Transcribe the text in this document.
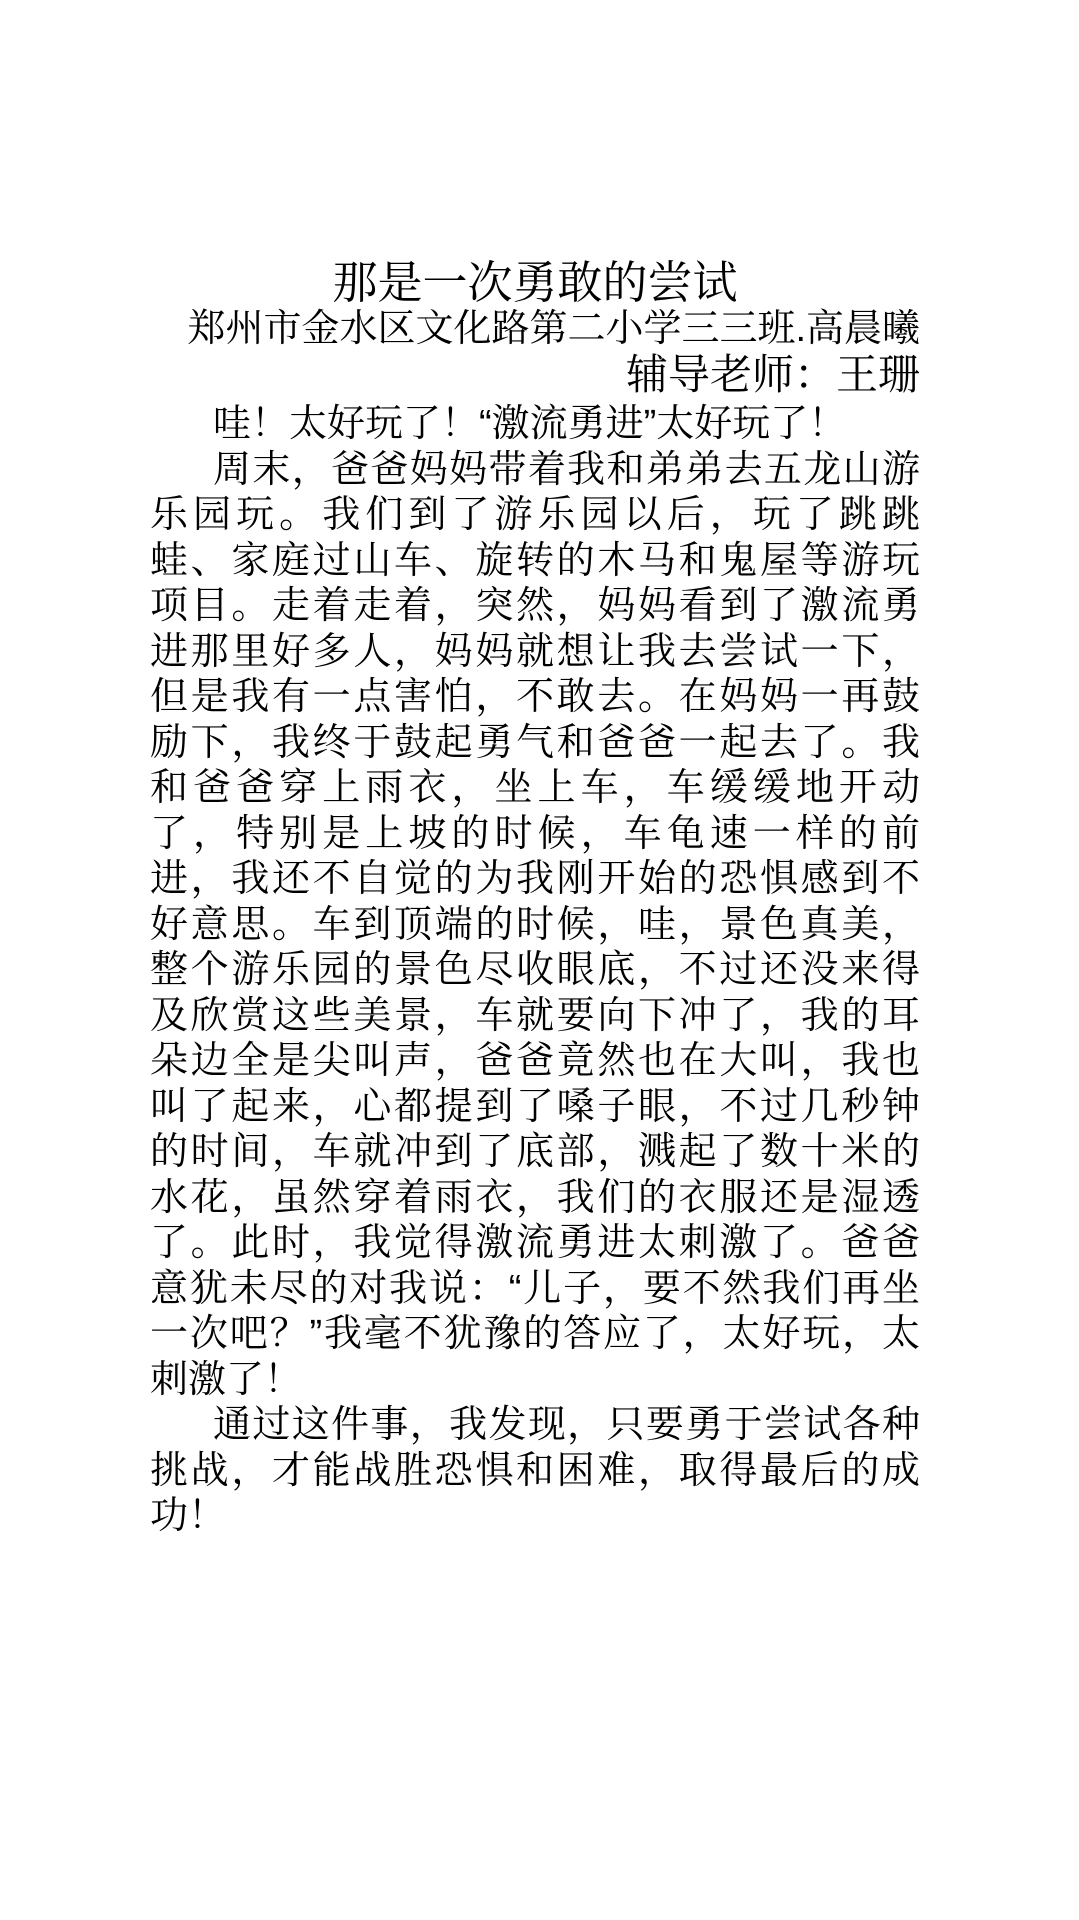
那是一次勇敢的尝试
郑州市金水区文化路第二小学三三班.高晨曦
辅导老师：王珊
哇！太好玩了！“激流勇进”太好玩了！
周末，爸爸妈妈带着我和弟弟去五龙山游
乐园玩。我们到了游乐园以后，玩了跳跳
蛙、家庭过山车、旋转的木马和鬼屋等游玩
项目。走着走着，突然，妈妈看到了激流勇
进那里好多人，妈妈就想让我去尝试一下，
但是我有一点害怕，不敢去。在妈妈一再鼓
励下，我终于鼓起勇气和爸爸一起去了。我
和爸爸穿上雨衣，坐上车，车缓缓地开动
了，特别是上坡的时候，车龟速一样的前
进，我还不自觉的为我刚开始的恐惧感到不
好意思。车到顶端的时候，哇，景色真美，
整个游乐园的景色尽收眼底，不过还没来得
及欣赏这些美景，车就要向下冲了，我的耳
朵边全是尖叫声，爸爸竟然也在大叫，我也
叫了起来，心都提到了嗓子眼，不过几秒钟
的时间，车就冲到了底部，溅起了数十米的
水花，虽然穿着雨衣，我们的衣服还是湿透
了。此时，我觉得激流勇进太刺激了。爸爸
意犹未尽的对我说：“儿子，要不然我们再坐
一次吧？”我毫不犹豫的答应了，太好玩，太
刺激了！
通过这件事，我发现，只要勇于尝试各种
挑战，才能战胜恐惧和困难，取得最后的成
功！
